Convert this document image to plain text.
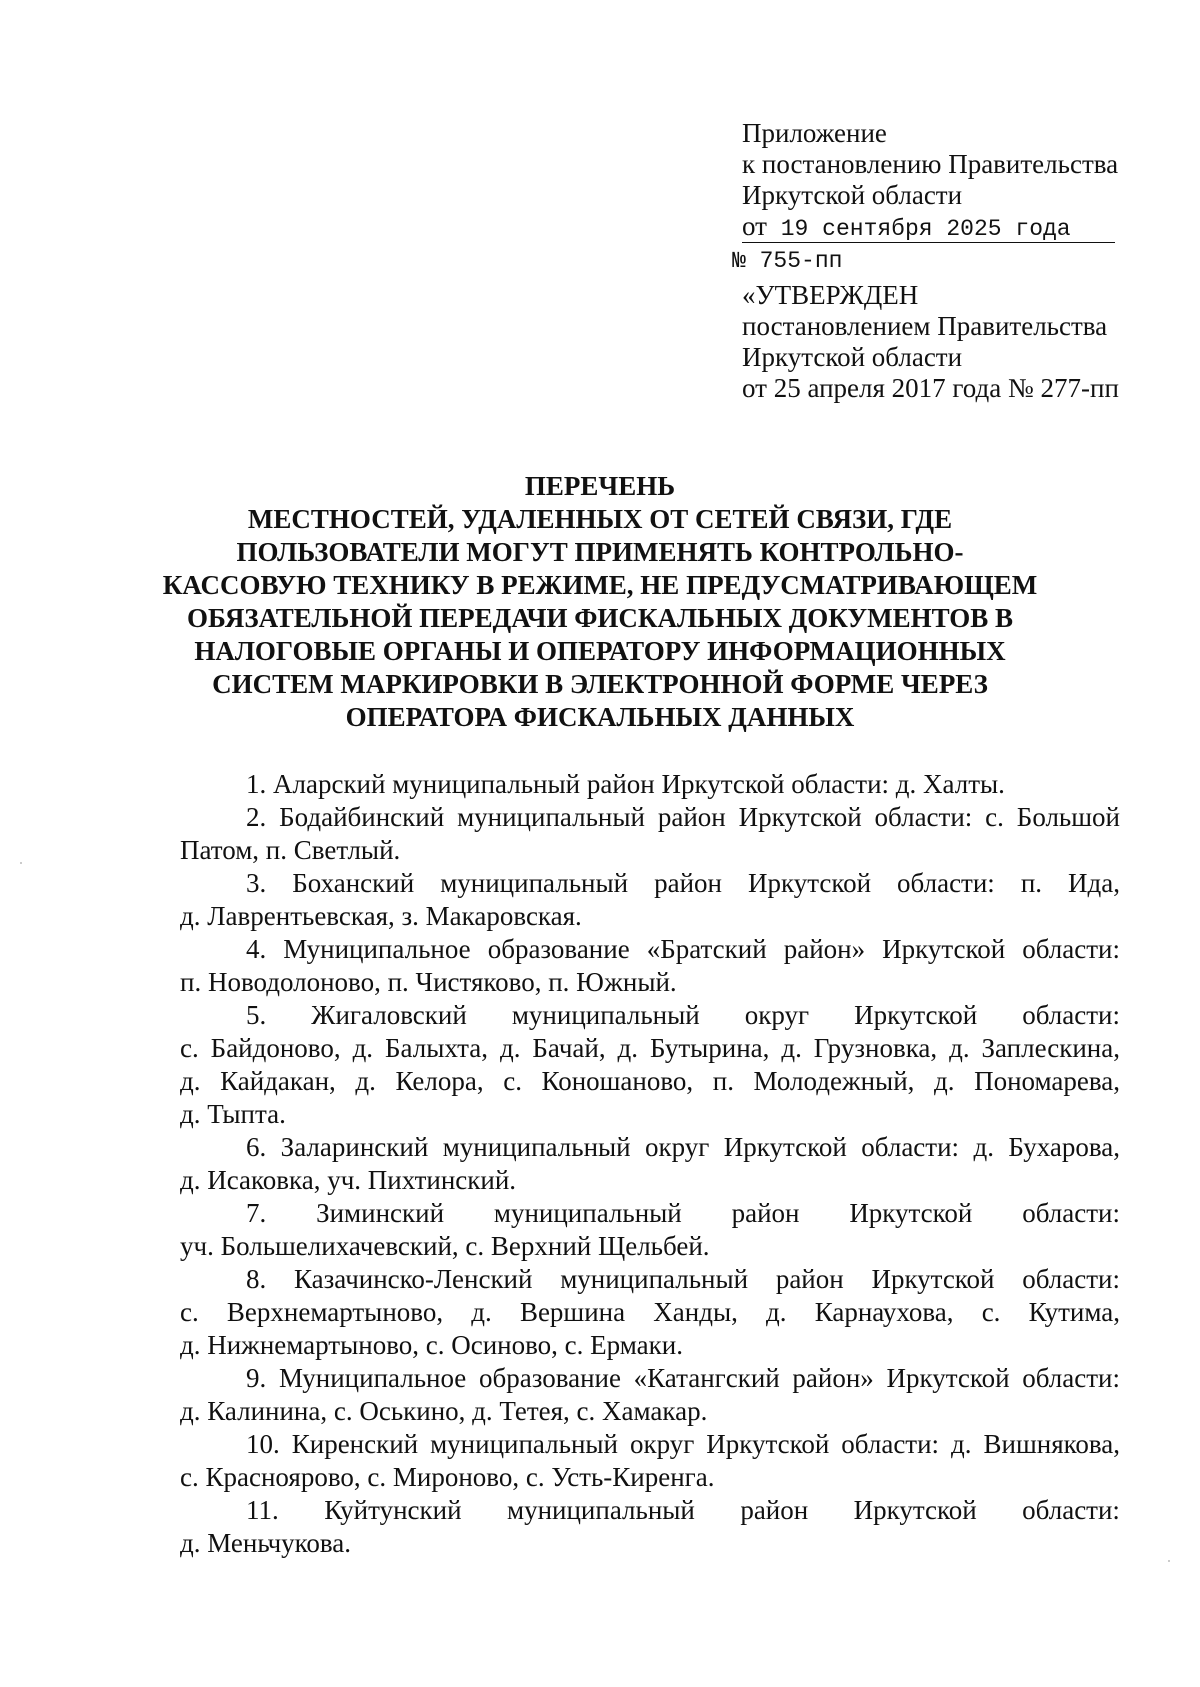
Приложение
к постановлению Правительства
Иркутской области
от 19 сентября 2025 года
№ 755-пп
«УТВЕРЖДЕН
постановлением Правительства
Иркутской области
от 25 апреля 2017 года № 277-пп
ПЕРЕЧЕНЬ
МЕСТНОСТЕЙ, УДАЛЕННЫХ ОТ СЕТЕЙ СВЯЗИ, ГДЕ
ПОЛЬЗОВАТЕЛИ МОГУТ ПРИМЕНЯТЬ КОНТРОЛЬНО-
КАССОВУЮ ТЕХНИКУ В РЕЖИМЕ, НЕ ПРЕДУСМАТРИВАЮЩЕМ
ОБЯЗАТЕЛЬНОЙ ПЕРЕДАЧИ ФИСКАЛЬНЫХ ДОКУМЕНТОВ В
НАЛОГОВЫЕ ОРГАНЫ И ОПЕРАТОРУ ИНФОРМАЦИОННЫХ
СИСТЕМ МАРКИРОВКИ В ЭЛЕКТРОННОЙ ФОРМЕ ЧЕРЕЗ
ОПЕРАТОРА ФИСКАЛЬНЫХ ДАННЫХ
1. Аларский муниципальный район Иркутской области: д. Халты.
2. Бодайбинский муниципальный район Иркутской области: с. Большой
Патом, п. Светлый.
3. Боханский муниципальный район Иркутской области: п. Ида,
д. Лаврентьевская, з. Макаровская.
4. Муниципальное образование «Братский район» Иркутской области:
п. Новодолоново, п. Чистяково, п. Южный.
5. Жигаловский муниципальный округ Иркутской области:
с. Байдоново, д. Балыхта, д. Бачай, д. Бутырина, д. Грузновка, д. Заплескина,
д. Кайдакан, д. Келора, с. Коношаново, п. Молодежный, д. Пономарева,
д. Тыпта.
6. Заларинский муниципальный округ Иркутской области: д. Бухарова,
д. Исаковка, уч. Пихтинский.
7. Зиминский муниципальный район Иркутской области:
уч. Большелихачевский, с. Верхний Щельбей.
8. Казачинско-Ленский муниципальный район Иркутской области:
с. Верхнемартыново, д. Вершина Ханды, д. Карнаухова, с. Кутима,
д. Нижнемартыново, с. Осиново, с. Ермаки.
9. Муниципальное образование «Катангский район» Иркутской области:
д. Калинина, с. Оськино, д. Тетея, с. Хамакар.
10. Киренский муниципальный округ Иркутской области: д. Вишнякова,
с. Красноярово, с. Мироново, с. Усть-Киренга.
11. Куйтунский муниципальный район Иркутской области:
д. Меньчукова.
